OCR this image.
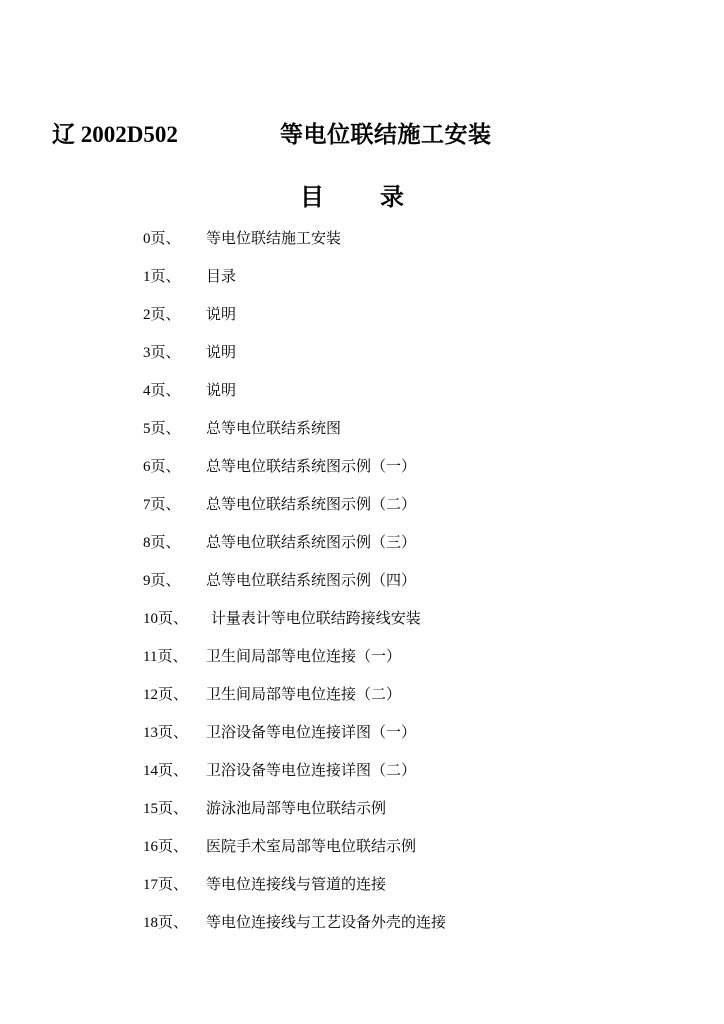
辽 2002D502	等电位联结施工安装
目 录
0页、	等电位联结施工安装
1页、	目录
2页、	说明
3页、	说明
4页、	说明
5页、	总等电位联结系统图
6页、	总等电位联结系统图示例（一）
7页、	总等电位联结系统图示例（二）
8页、	总等电位联结系统图示例（三）
9页、	总等电位联结系统图示例（四）
10页、	计量表计等电位联结跨接线安装
11页、	卫生间局部等电位连接（一）
12页、	卫生间局部等电位连接（二）
13页、	卫浴设备等电位连接详图（一）
14页、	卫浴设备等电位连接详图（二）
15页、	游泳池局部等电位联结示例
16页、	医院手术室局部等电位联结示例
17页、	等电位连接线与管道的连接
18页、	等电位连接线与工艺设备外壳的连接
